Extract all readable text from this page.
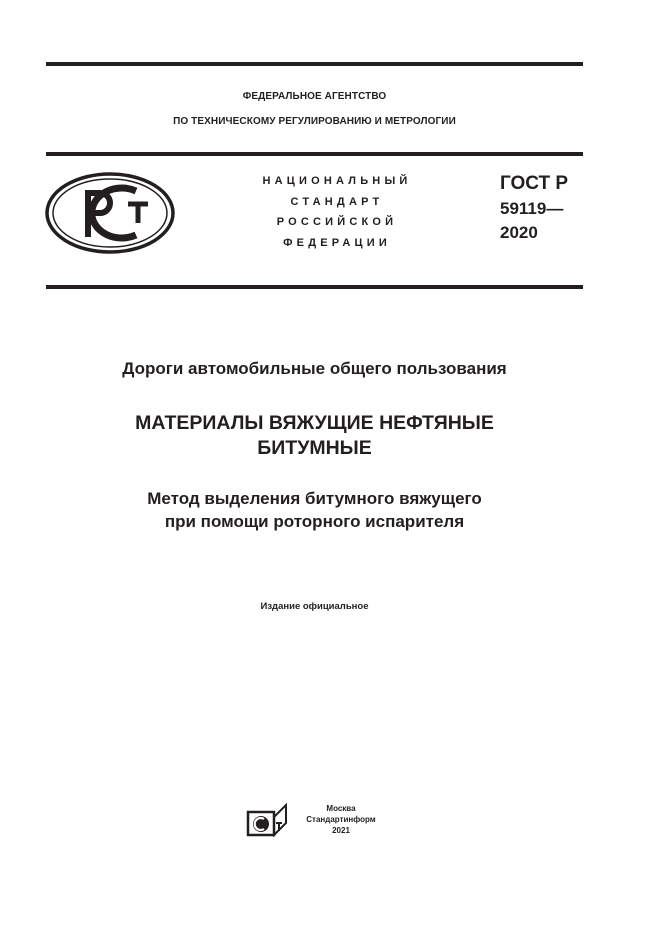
ФЕДЕРАЛЬНОЕ АГЕНТСТВО
ПО ТЕХНИЧЕСКОМУ РЕГУЛИРОВАНИЮ И МЕТРОЛОГИИ
НАЦИОНАЛЬНЫЙ
СТАНДАРТ
РОССИЙСКОЙ
ФЕДЕРАЦИИ
ГОСТ Р
59119—
2020
Дороги автомобильные общего пользования
МАТЕРИАЛЫ ВЯЖУЩИЕ НЕФТЯНЫЕ
БИТУМНЫЕ
Метод выделения битумного вяжущего
при помощи роторного испарителя
Издание официальное
Москва
Стандартинформ
2021
